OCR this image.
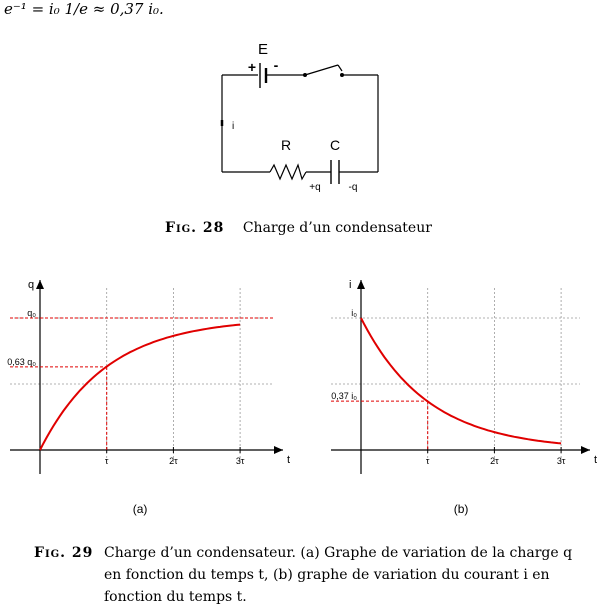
e⁻¹ = i₀ 1/e ≈ 0,37 i₀.
E
+ -
i
R	C
+q	-q
Fig. 28 Charge d’un condensateur
q
t
τ	2τ	3τ
q₀
0,63 q₀
(a)
i
t
τ	2τ	3τ
i₀
0,37 i₀
(b)
Fig. 29 Charge d’un condensateur. (a) Graphe de variation de la charge q
en fonction du temps t, (b) graphe de variation du courant i en
fonction du temps t.
